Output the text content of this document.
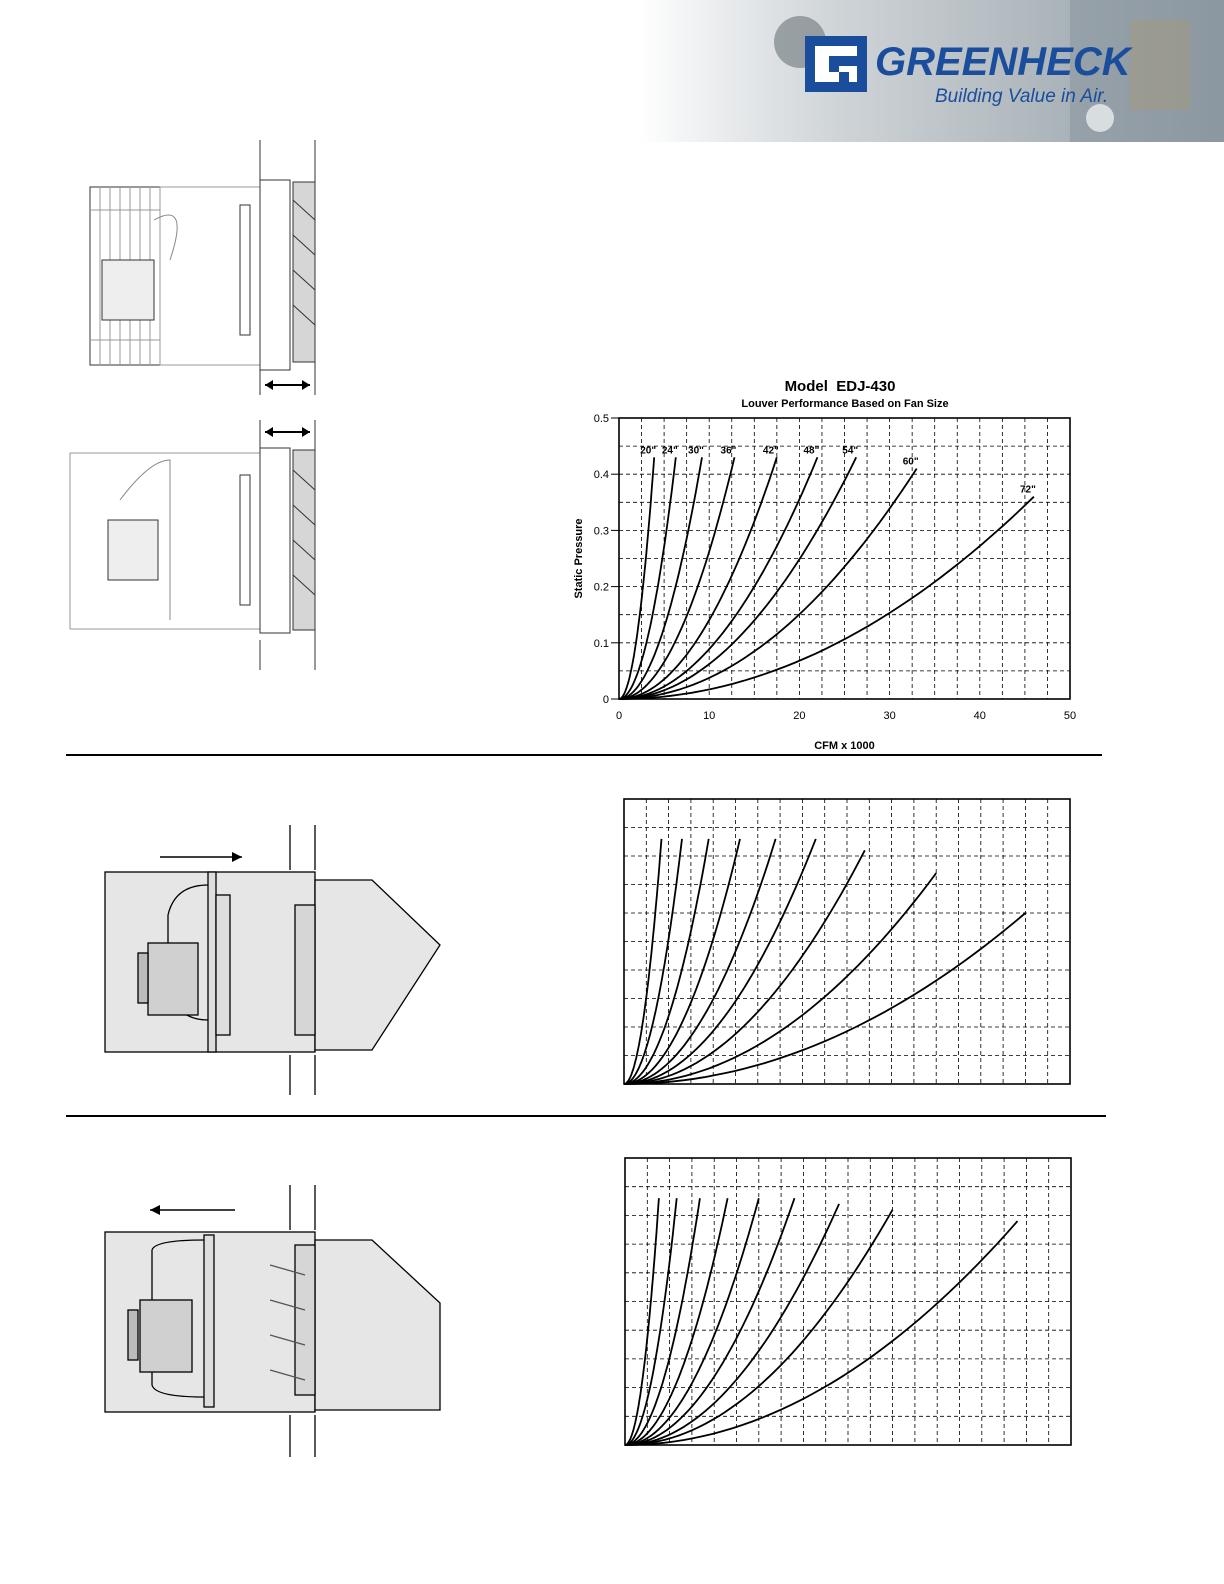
GREENHECK
Building Value in Air.
Model  EDJ-430
Louver Performance Based on Fan Size
20" 24" 30" 36"	42" 48" 54"
60"
72"
0	10	20	30	40	50
0
0.1
0.2
0.3
0.4
0.5
CFM x 1000
Static Pressure
